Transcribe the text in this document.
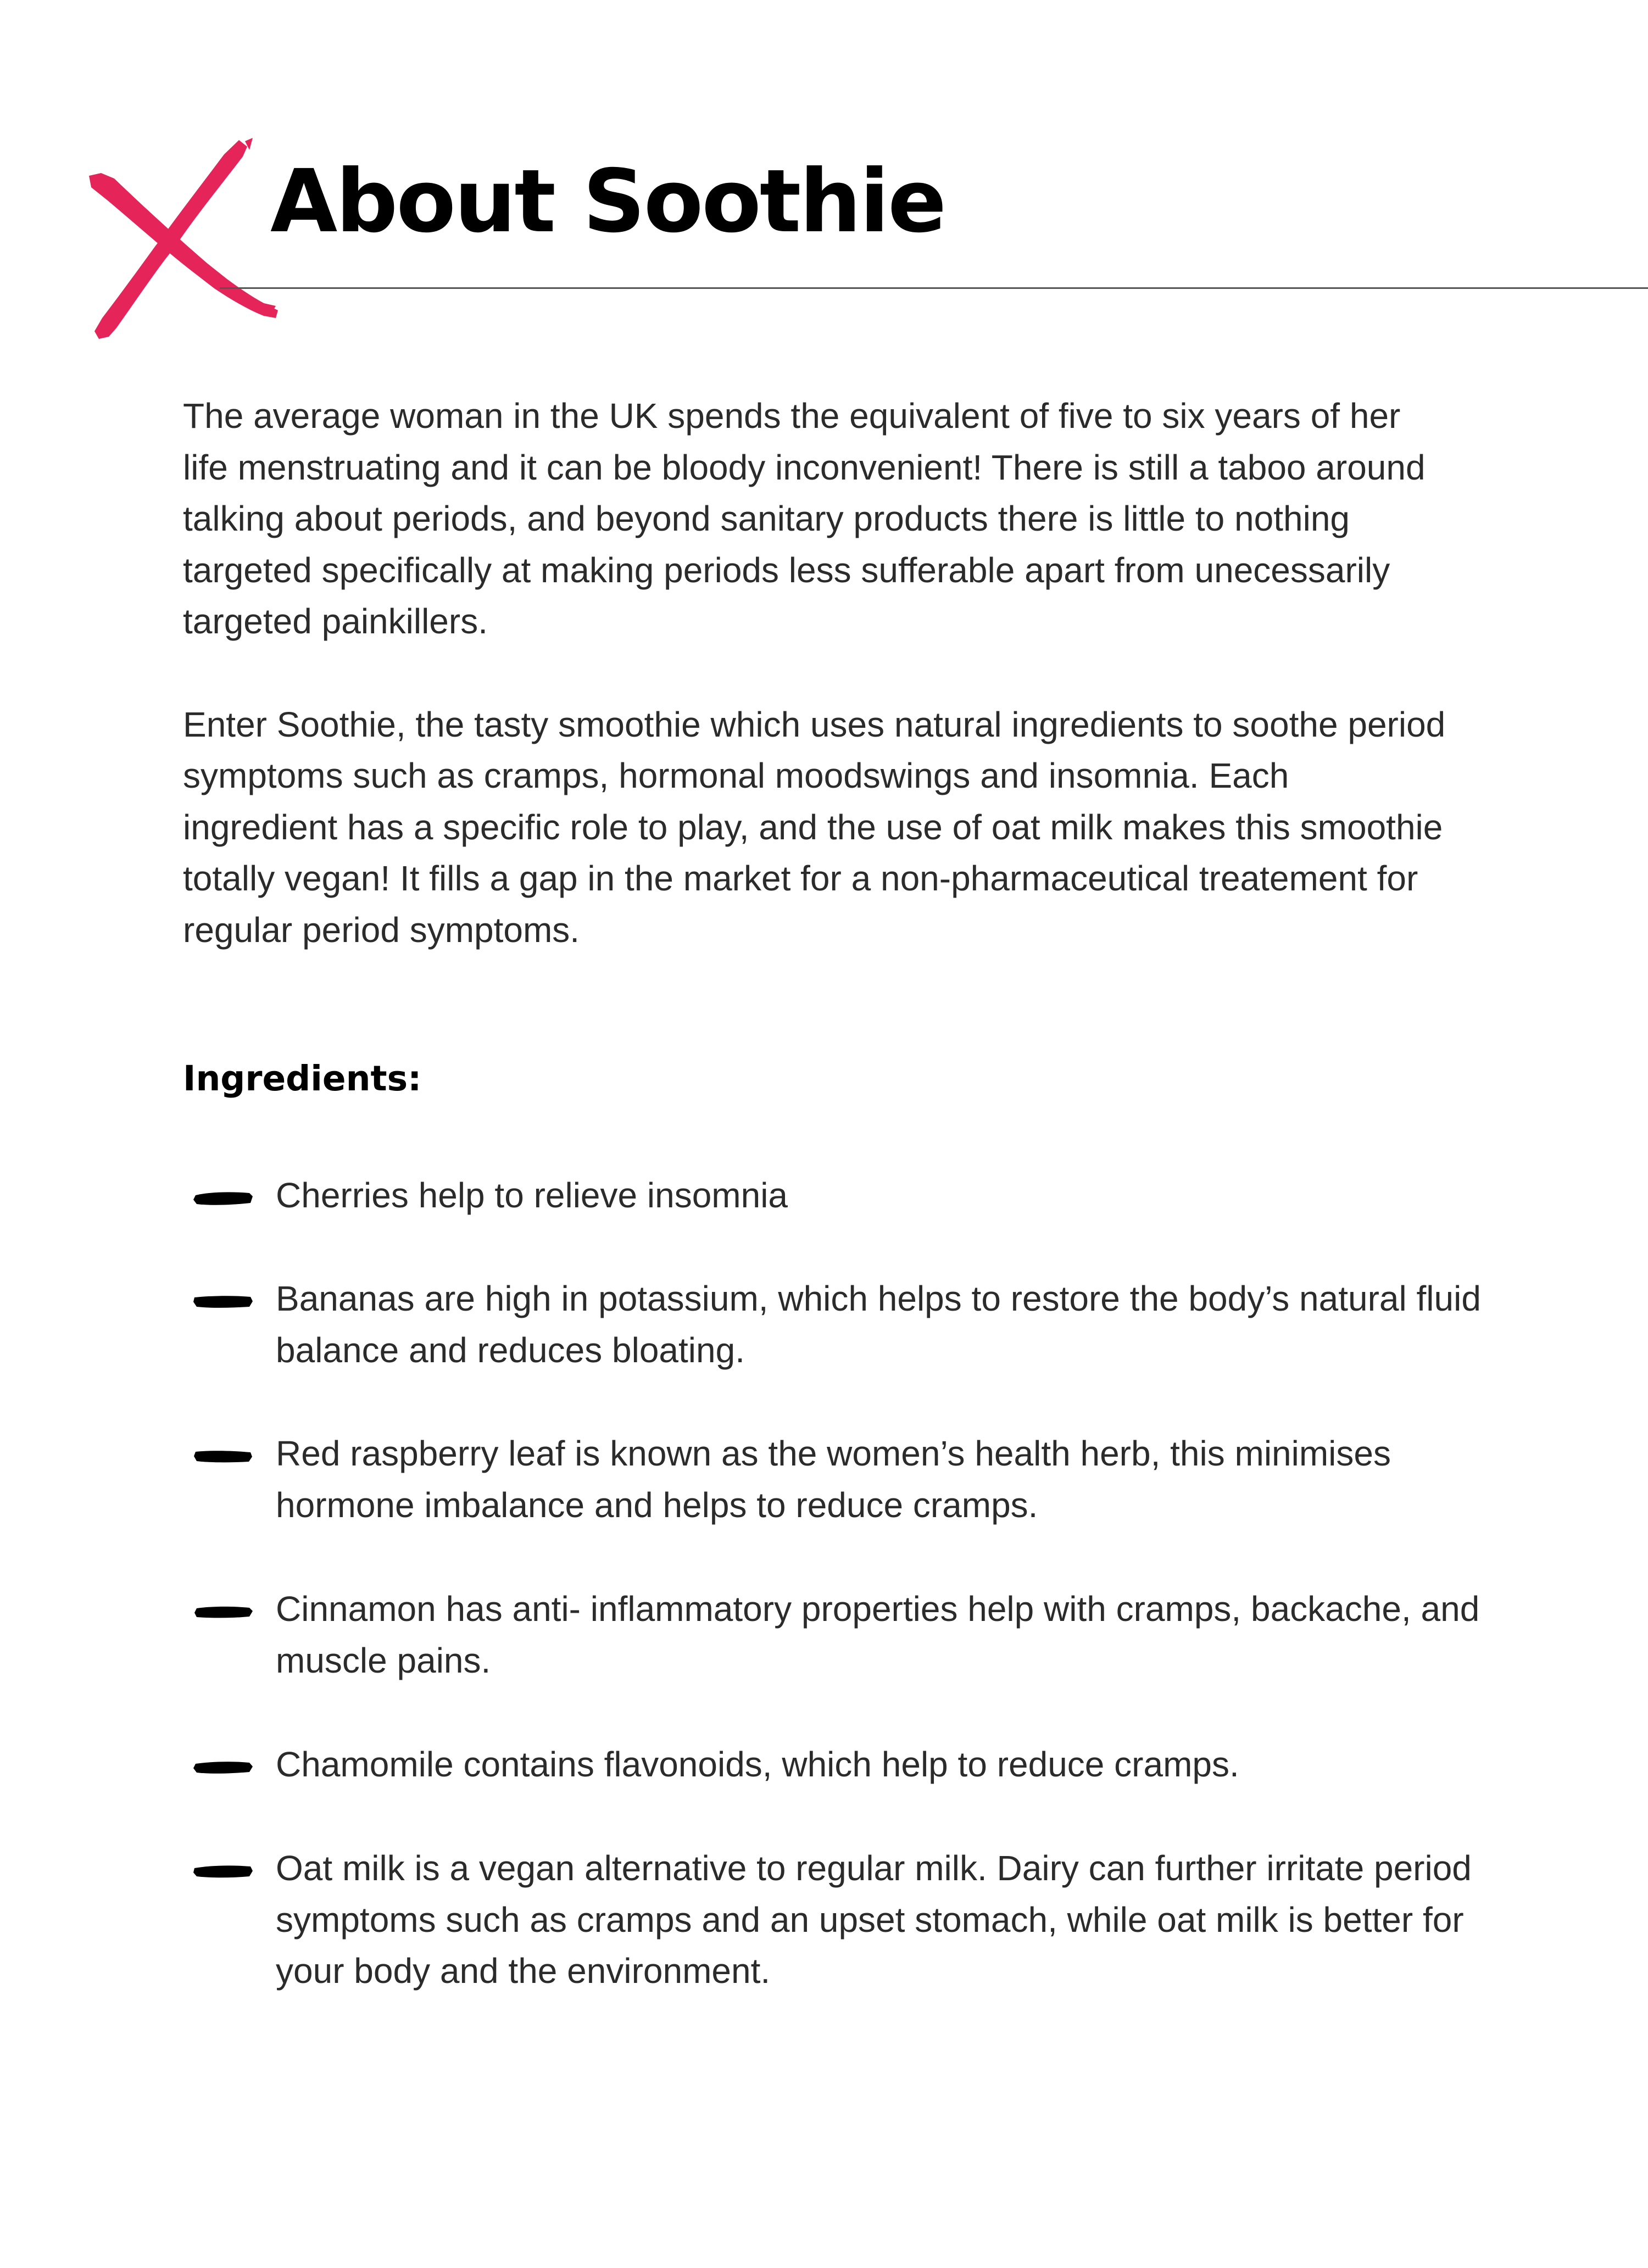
About Soothie

The average woman in the UK spends the equivalent of five to six years of her life menstruating and it can be bloody inconvenient! There is still a taboo around talking about periods, and beyond sanitary products there is little to nothing targeted specifically at making periods less sufferable apart from unecessarily targeted painkillers.

Enter Soothie, the tasty smoothie which uses natural ingredients to soothe period symptoms such as cramps, hormonal moodswings and insomnia. Each ingredient has a specific role to play, and the use of oat milk makes this smoothie totally vegan! It fills a gap in the market for a non-pharmaceutical treatement for regular period symptoms.

Ingredients:
Cherries help to relieve insomnia
Bananas are high in potassium, which helps to restore the body’s natural fluid balance and reduces bloating.
Red raspberry leaf is known as the women’s health herb, this minimises hormone imbalance and helps to reduce cramps.
Cinnamon has anti- inflammatory properties help with cramps, backache, and muscle pains.
Chamomile contains flavonoids, which help to reduce cramps.
Oat milk is a vegan alternative to regular milk. Dairy can further irritate period symptoms such as cramps and an upset stomach, while oat milk is better for your body and the environment.
